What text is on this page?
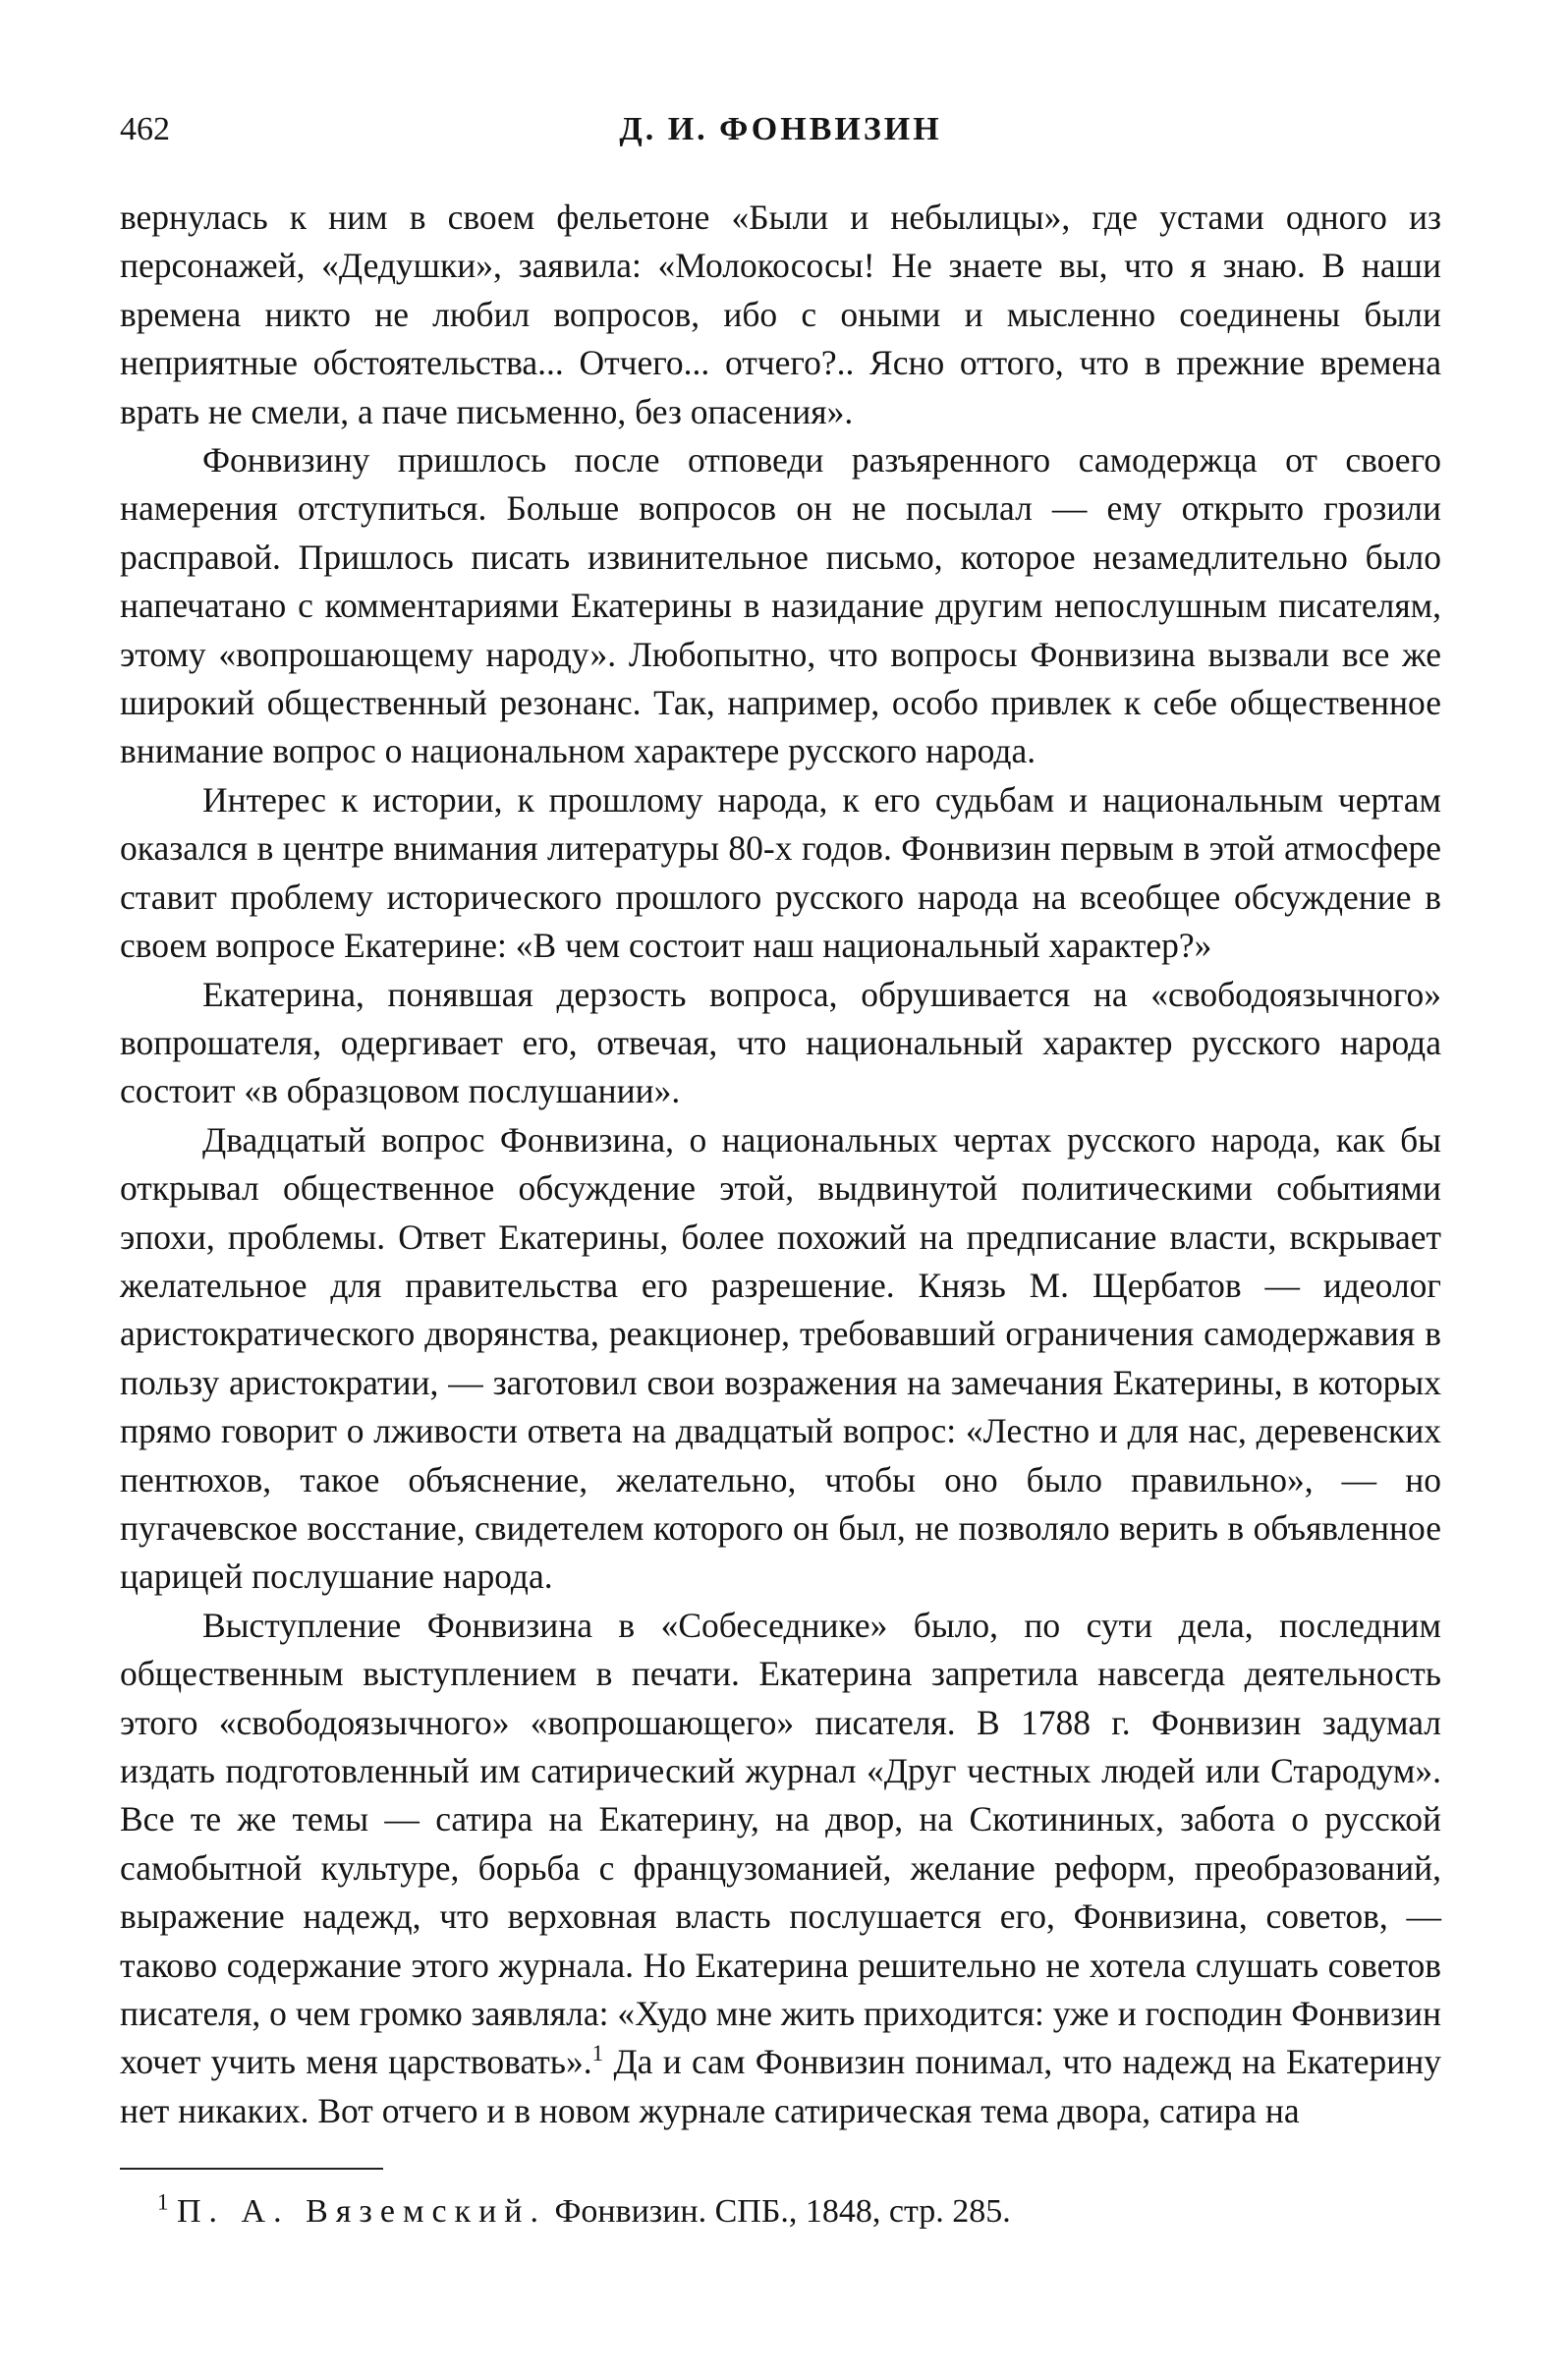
462	Д. И. ФОНВИЗИН

вернулась к ним в своем фельетоне «Были и небылицы», где устами одного из персонажей, «Дедушки», заявила: «Молокососы! Не знаете вы, что я знаю. В наши времена никто не любил вопросов, ибо с оными и мысленно соединены были неприятные обстоятельства... Отчего... отчего?.. Ясно оттого, что в прежние времена врать не смели, а паче письменно, без опасения».

Фонвизину пришлось после отповеди разъяренного самодержца от своего намерения отступиться. Больше вопросов он не посылал — ему открыто грозили расправой. Пришлось писать извинительное письмо, которое незамедлительно было напечатано с комментариями Екатерины в назидание другим непослушным писателям, этому «вопрошающему народу». Любопытно, что вопросы Фонвизина вызвали все же широкий общественный резонанс. Так, например, особо привлек к себе общественное внимание вопрос о национальном характере русского народа.

Интерес к истории, к прошлому народа, к его судьбам и национальным чертам оказался в центре внимания литературы 80-х годов. Фонвизин первым в этой атмосфере ставит проблему исторического прошлого русского народа на всеобщее обсуждение в своем вопросе Екатерине: «В чем состоит наш национальный характер?»

Екатерина, понявшая дерзость вопроса, обрушивается на «свободоязычного» вопрошателя, одергивает его, отвечая, что национальный характер русского народа состоит «в образцовом послушании».

Двадцатый вопрос Фонвизина, о национальных чертах русского народа, как бы открывал общественное обсуждение этой, выдвинутой политическими событиями эпохи, проблемы. Ответ Екатерины, более похожий на предписание власти, вскрывает желательное для правительства его разрешение. Князь М. Щербатов — идеолог аристократического дворянства, реакционер, требовавший ограничения самодержавия в пользу аристократии, — заготовил свои возражения на замечания Екатерины, в которых прямо говорит о лживости ответа на двадцатый вопрос: «Лестно и для нас, деревенских пентюхов, такое объяснение, желательно, чтобы оно было правильно», — но пугачевское восстание, свидетелем которого он был, не позволяло верить в объявленное царицей послушание народа.

Выступление Фонвизина в «Собеседнике» было, по сути дела, последним общественным выступлением в печати. Екатерина запретила навсегда деятельность этого «свободоязычного» «вопрошающего» писателя. В 1788 г. Фонвизин задумал издать подготовленный им сатирический журнал «Друг честных людей или Стародум». Все те же темы — сатира на Екатерину, на двор, на Скотининых, забота о русской самобытной культуре, борьба с французоманией, желание реформ, преобразований, выражение надежд, что верховная власть послушается его, Фонвизина, советов, — таково содержание этого журнала. Но Екатерина решительно не хотела слушать советов писателя, о чем громко заявляла: «Худо мне жить приходится: уже и господин Фонвизин хочет учить меня царствовать».$^1$ Да и сам Фонвизин понимал, что надежд на Екатерину нет никаких. Вот отчего и в новом журнале сатирическая тема двора, сатира на

$^1$ П. А. Вяземский. Фонвизин. СПБ., 1848, стр. 285.
